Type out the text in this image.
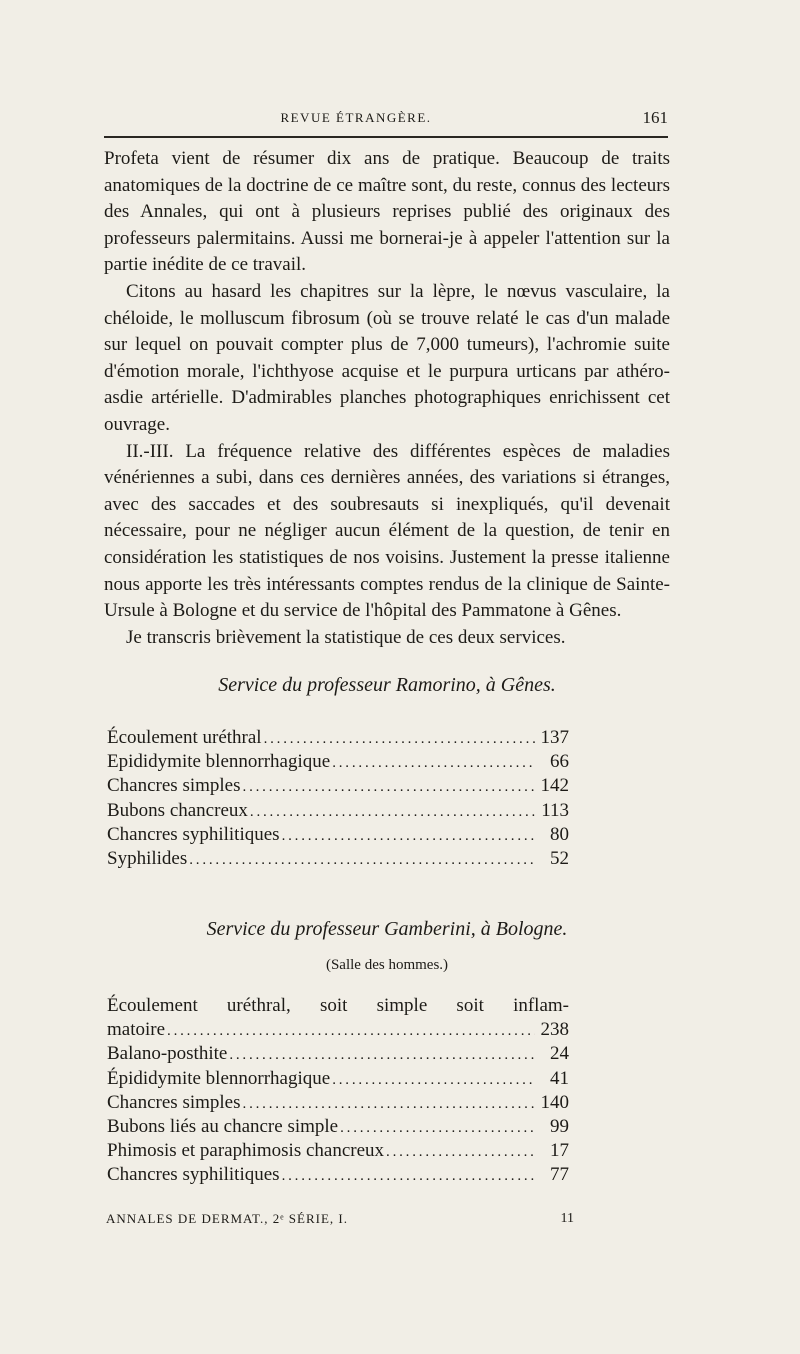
REVUE ÉTRANGÈRE.	161

Profeta vient de résumer dix ans de pratique. Beaucoup de traits anatomiques de la doctrine de ce maître sont, du reste, connus des lecteurs des Annales, qui ont à plusieurs reprises publié des originaux des professeurs palermitains. Aussi me bornerai-je à appeler l'attention sur la partie inédite de ce travail.

Citons au hasard les chapitres sur la lèpre, le nœvus vasculaire, la chéloide, le molluscum fibrosum (où se trouve relaté le cas d'un malade sur lequel on pouvait compter plus de 7,000 tumeurs), l'achromie suite d'émotion morale, l'ichthyose acquise et le purpura urticans par athéro-asdie artérielle. D'admirables planches photographiques enrichissent cet ouvrage.

II.-III. La fréquence relative des différentes espèces de maladies vénériennes a subi, dans ces dernières années, des variations si étranges, avec des saccades et des soubresauts si inexpliqués, qu'il devenait nécessaire, pour ne négliger aucun élément de la question, de tenir en considération les statistiques de nos voisins. Justement la presse italienne nous apporte les très intéressants comptes rendus de la clinique de Sainte-Ursule à Bologne et du service de l'hôpital des Pammatone à Gênes.

Je transcris brièvement la statistique de ces deux services.

Service du professeur Ramorino, à Gênes.
Écoulement uréthral .....	137
Epididymite blennorrhagique .....	66
Chancres simples .....	142
Bubons chancreux .....	113
Chancres syphilitiques .....	80
Syphilides .....	52
Service du professeur Gamberini, à Bologne.
(Salle des hommes.)
Écoulement uréthral, soit simple soit inflam-
matoire .....	238
Balano-posthite .....	24
Épididymite blennorrhagique .....	41
Chancres simples .....	140
Bubons liés au chancre simple .....	99
Phimosis et paraphimosis chancreux .....	17
Chancres syphilitiques .....	77
ANNALES DE DERMAT., 2ᵉ SÉRIE, I.	11
